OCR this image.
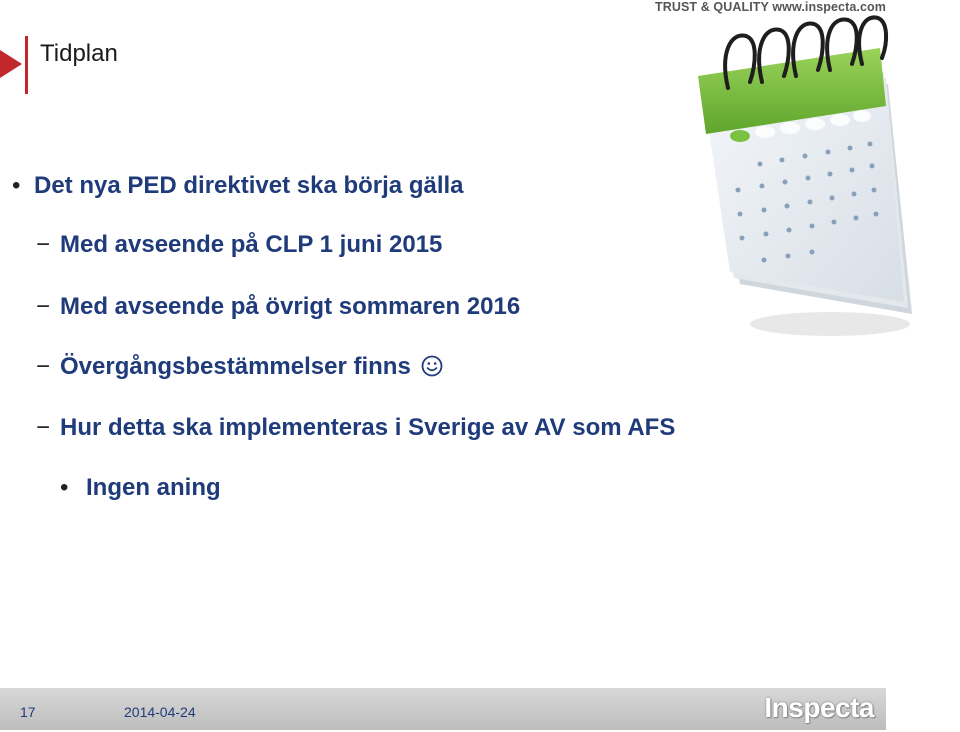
Tidplan
TRUST & QUALITY www.inspecta.com
• Det nya PED direktivet ska börja gälla
− Med avseende på CLP 1 juni 2015
− Med avseende på övrigt sommaren 2016
− Övergångsbestämmelser finns
− Hur detta ska implementeras i Sverige av AV som AFS
• Ingen aning
17	2014-04-24	Inspecta
